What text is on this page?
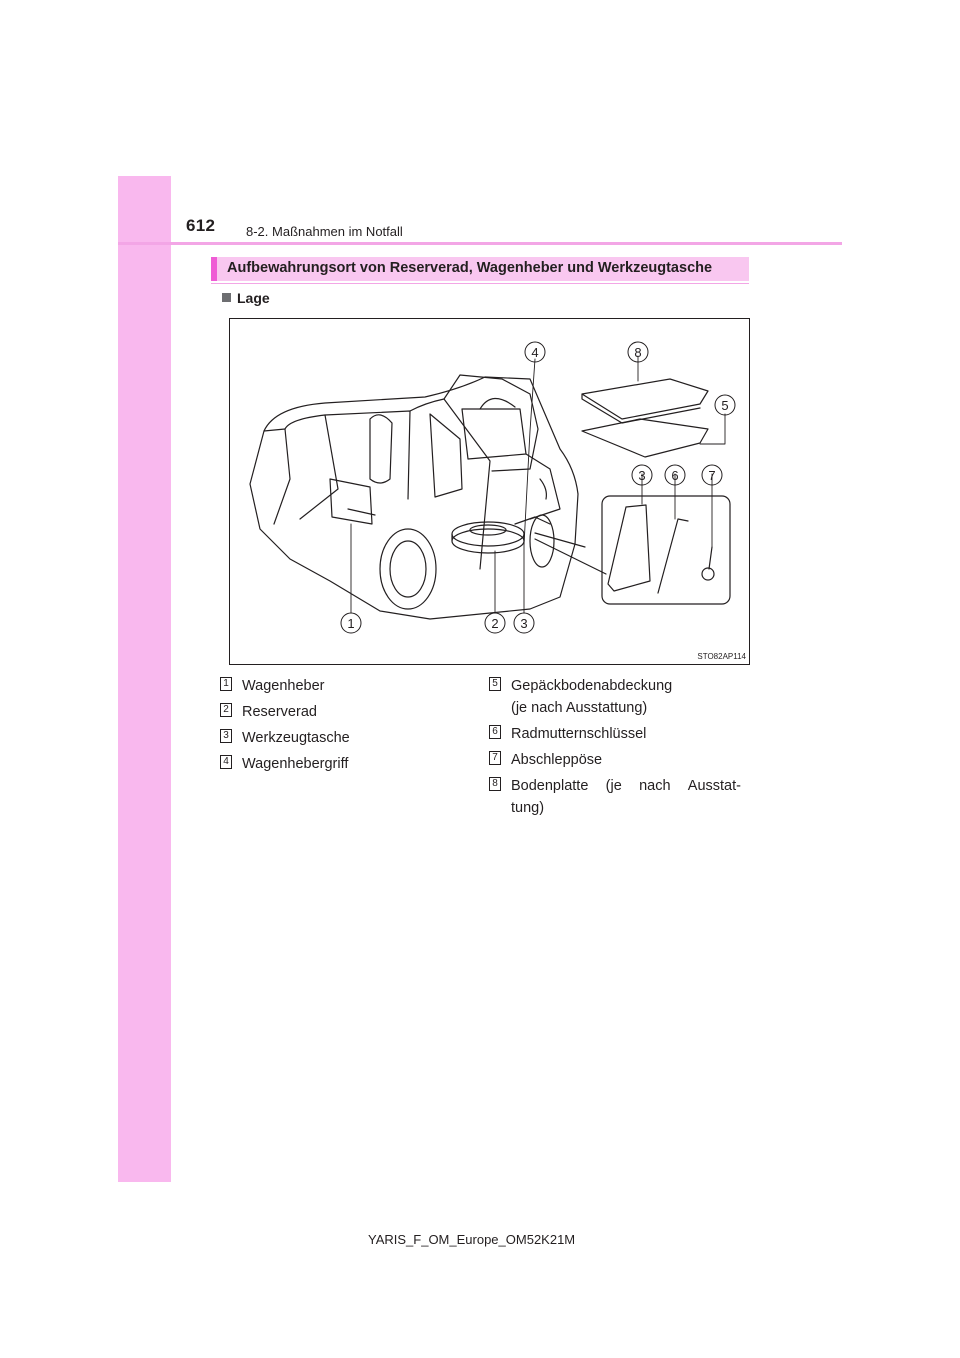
612 8-2. Maßnahmen im Notfall
Aufbewahrungsort von Reserverad, Wagenheber und Werkzeugtasche
Lage
1	2 3
4	8
5
3 6 7
STO82AP114
1 Wagenheber
2 Reserverad
3 Werkzeugtasche
4 Wagenhebergriff
5 Gepäckbodenabdeckung
(je nach Ausstattung)
6 Radmutternschlüssel
7 Abschleppöse
8 Bodenplatte (je nach Ausstat-
tung)
YARIS_F_OM_Europe_OM52K21M
